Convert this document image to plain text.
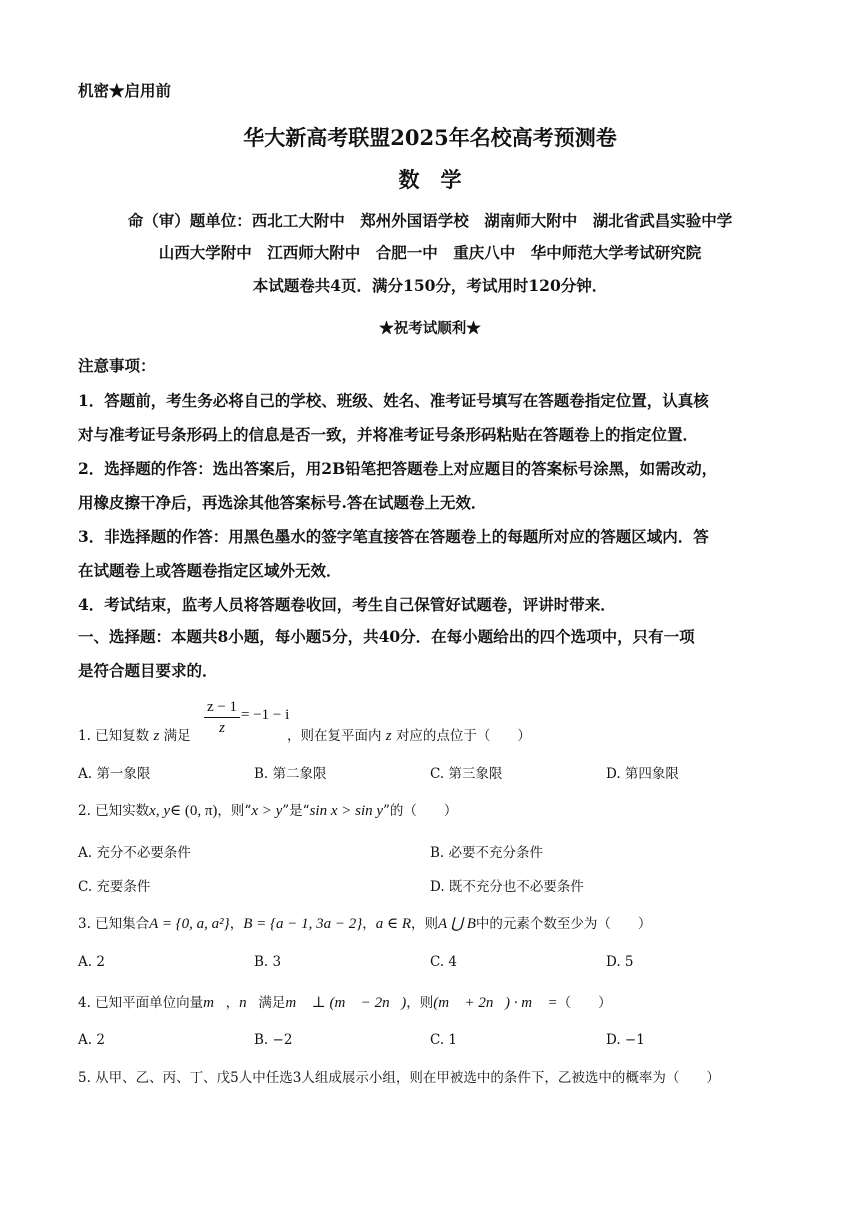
机密★启用前
华大新高考联盟2025年名校高考预测卷
数　学
命（审）题单位：西北工大附中　郑州外国语学校　湖南师大附中　湖北省武昌实验中学
山西大学附中　江西师大附中　合肥一中　重庆八中　华中师范大学考试研究院
本试题卷共4页．满分150分，考试用时120分钟．
★祝考试顺利★
注意事项：
1．答题前，考生务必将自己的学校、班级、姓名、准考证号填写在答题卷指定位置，认真核
对与准考证号条形码上的信息是否一致，并将准考证号条形码粘贴在答题卷上的指定位置．
2．选择题的作答：选出答案后，用2B铅笔把答题卷上对应题目的答案标号涂黑，如需改动，
用橡皮擦干净后，再选涂其他答案标号.答在试题卷上无效．
3．非选择题的作答：用黑色墨水的签字笔直接答在答题卷上的每题所对应的答题区域内．答
在试题卷上或答题卷指定区域外无效．
4．考试结束，监考人员将答题卷收回，考生自己保管好试题卷，评讲时带来．
一、选择题：本题共8小题，每小题5分，共40分．在每小题给出的四个选项中，只有一项
是符合题目要求的．
1. 已知复数 z 满足
z − 1
z
= −1 − i
，则在复平面内 z 对应的点位于（　　）
A. 第一象限	B. 第二象限	C. 第三象限	D. 第四象限
2. 已知实数x, y∈ (0, π)，则“x > y”是“sin x > sin y”的（　　）
A. 充分不必要条件	B. 必要不充分条件
C. 充要条件	D. 既不充分也不必要条件
3. 已知集合A = {0, a, a²}，B = {a − 1, 3a − 2}，a ∈ R，则A ⋃ B中的元素个数至少为（　　）
A. 2	B. 3	C. 4	D. 5
4. 已知平面单位向量m⃗，n⃗满足m⃗ ⊥ (m⃗ − 2n⃗)，则(m⃗ + 2n⃗) · m⃗ =（　　）
A. 2	B. −2	C. 1	D. −1
5. 从甲、乙、丙、丁、戊5人中任选3人组成展示小组，则在甲被选中的条件下，乙被选中的概率为（　　）
